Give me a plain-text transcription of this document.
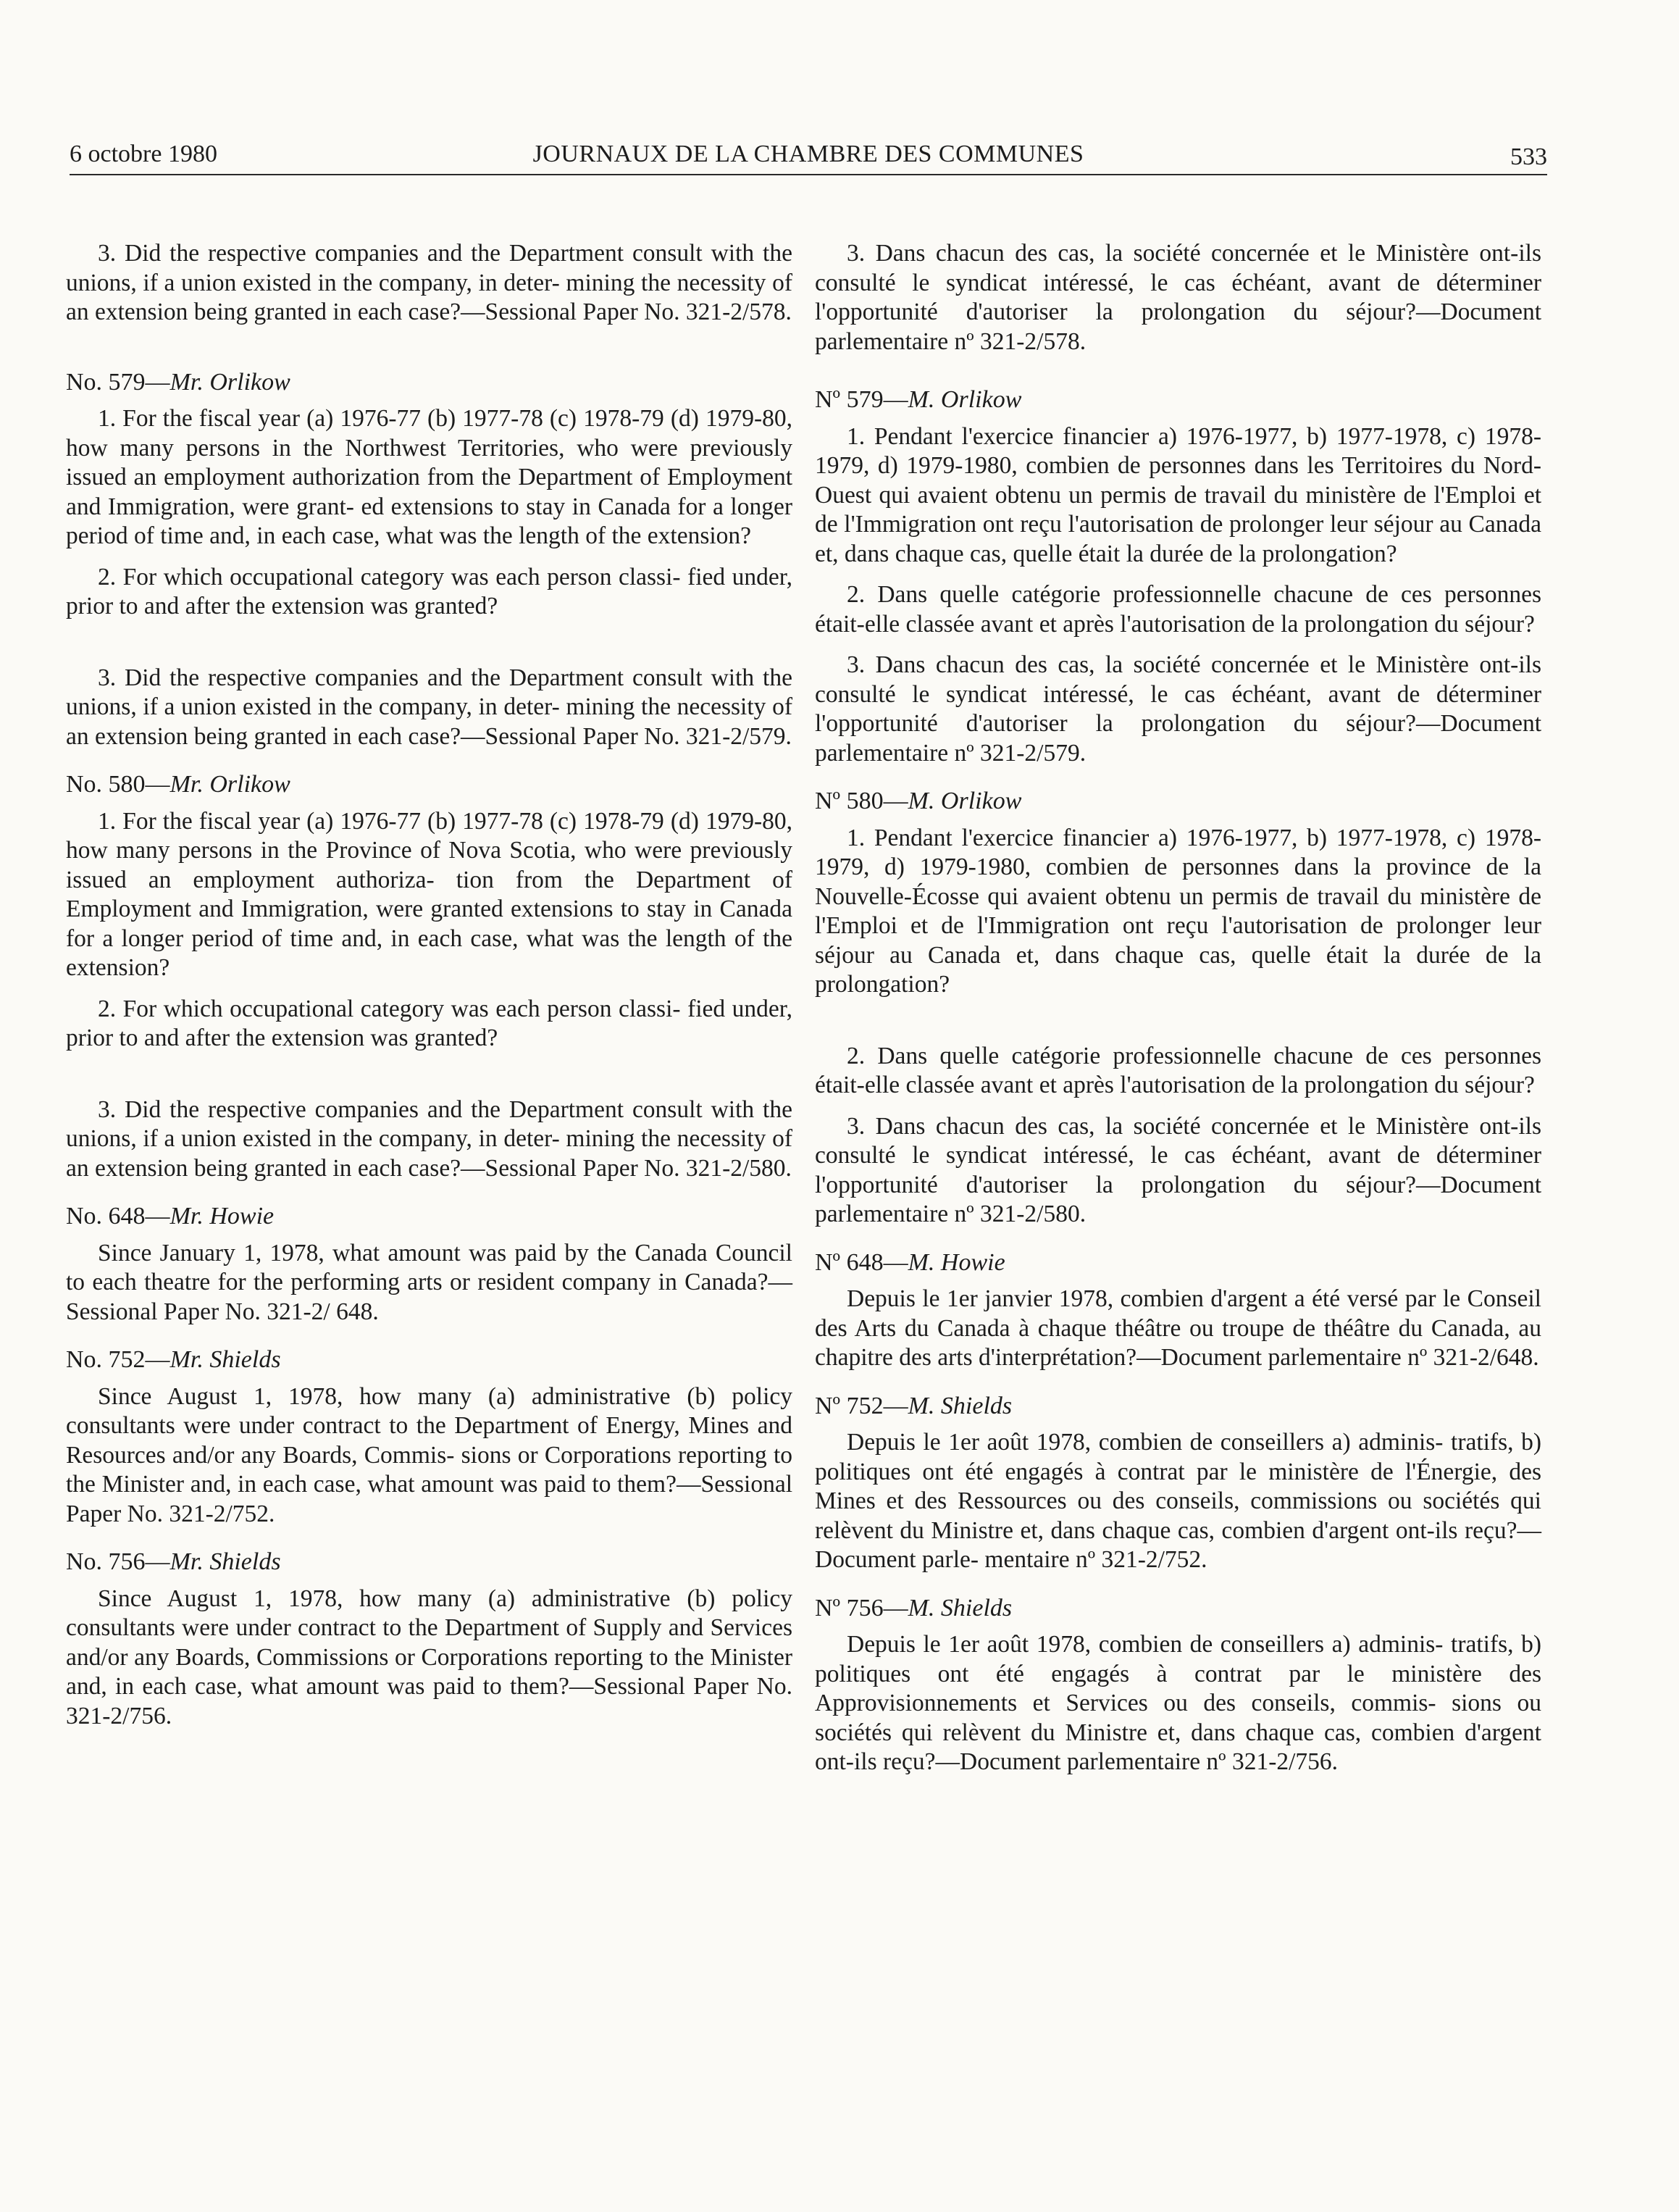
6 octobre 1980	JOURNAUX DE LA CHAMBRE DES COMMUNES	533

3. Did the respective companies and the Department consult with the unions, if a union existed in the company, in deter- mining the necessity of an extension being granted in each case?—Sessional Paper No. 321-2/578.

No. 579—Mr. Orlikow

1. For the fiscal year (a) 1976-77 (b) 1977-78 (c) 1978-79 (d) 1979-80, how many persons in the Northwest Territories, who were previously issued an employment authorization from the Department of Employment and Immigration, were grant- ed extensions to stay in Canada for a longer period of time and, in each case, what was the length of the extension?

2. For which occupational category was each person classi- fied under, prior to and after the extension was granted?

3. Did the respective companies and the Department consult with the unions, if a union existed in the company, in deter- mining the necessity of an extension being granted in each case?—Sessional Paper No. 321-2/579.

No. 580—Mr. Orlikow

1. For the fiscal year (a) 1976-77 (b) 1977-78 (c) 1978-79 (d) 1979-80, how many persons in the Province of Nova Scotia, who were previously issued an employment authoriza- tion from the Department of Employment and Immigration, were granted extensions to stay in Canada for a longer period of time and, in each case, what was the length of the extension?

2. For which occupational category was each person classi- fied under, prior to and after the extension was granted?

3. Did the respective companies and the Department consult with the unions, if a union existed in the company, in deter- mining the necessity of an extension being granted in each case?—Sessional Paper No. 321-2/580.

No. 648—Mr. Howie

Since January 1, 1978, what amount was paid by the Canada Council to each theatre for the performing arts or resident company in Canada?—Sessional Paper No. 321-2/ 648.

No. 752—Mr. Shields

Since August 1, 1978, how many (a) administrative (b) policy consultants were under contract to the Department of Energy, Mines and Resources and/or any Boards, Commis- sions or Corporations reporting to the Minister and, in each case, what amount was paid to them?—Sessional Paper No. 321-2/752.

No. 756—Mr. Shields

Since August 1, 1978, how many (a) administrative (b) policy consultants were under contract to the Department of Supply and Services and/or any Boards, Commissions or Corporations reporting to the Minister and, in each case, what amount was paid to them?—Sessional Paper No. 321-2/756.

3. Dans chacun des cas, la société concernée et le Ministère ont-ils consulté le syndicat intéressé, le cas échéant, avant de déterminer l'opportunité d'autoriser la prolongation du séjour?—Document parlementaire nº 321-2/578.

Nº 579—M. Orlikow

1. Pendant l'exercice financier a) 1976-1977, b) 1977-1978, c) 1978-1979, d) 1979-1980, combien de personnes dans les Territoires du Nord-Ouest qui avaient obtenu un permis de travail du ministère de l'Emploi et de l'Immigration ont reçu l'autorisation de prolonger leur séjour au Canada et, dans chaque cas, quelle était la durée de la prolongation?

2. Dans quelle catégorie professionnelle chacune de ces personnes était-elle classée avant et après l'autorisation de la prolongation du séjour?

3. Dans chacun des cas, la société concernée et le Ministère ont-ils consulté le syndicat intéressé, le cas échéant, avant de déterminer l'opportunité d'autoriser la prolongation du séjour?—Document parlementaire nº 321-2/579.

Nº 580—M. Orlikow

1. Pendant l'exercice financier a) 1976-1977, b) 1977-1978, c) 1978-1979, d) 1979-1980, combien de personnes dans la province de la Nouvelle-Écosse qui avaient obtenu un permis de travail du ministère de l'Emploi et de l'Immigration ont reçu l'autorisation de prolonger leur séjour au Canada et, dans chaque cas, quelle était la durée de la prolongation?

2. Dans quelle catégorie professionnelle chacune de ces personnes était-elle classée avant et après l'autorisation de la prolongation du séjour?

3. Dans chacun des cas, la société concernée et le Ministère ont-ils consulté le syndicat intéressé, le cas échéant, avant de déterminer l'opportunité d'autoriser la prolongation du séjour?—Document parlementaire nº 321-2/580.

Nº 648—M. Howie

Depuis le 1er janvier 1978, combien d'argent a été versé par le Conseil des Arts du Canada à chaque théâtre ou troupe de théâtre du Canada, au chapitre des arts d'interprétation?—Document parlementaire nº 321-2/648.

Nº 752—M. Shields

Depuis le 1er août 1978, combien de conseillers a) adminis- tratifs, b) politiques ont été engagés à contrat par le ministère de l'Énergie, des Mines et des Ressources ou des conseils, commissions ou sociétés qui relèvent du Ministre et, dans chaque cas, combien d'argent ont-ils reçu?—Document parle- mentaire nº 321-2/752.

Nº 756—M. Shields

Depuis le 1er août 1978, combien de conseillers a) adminis- tratifs, b) politiques ont été engagés à contrat par le ministère des Approvisionnements et Services ou des conseils, commis- sions ou sociétés qui relèvent du Ministre et, dans chaque cas, combien d'argent ont-ils reçu?—Document parlementaire nº 321-2/756.
